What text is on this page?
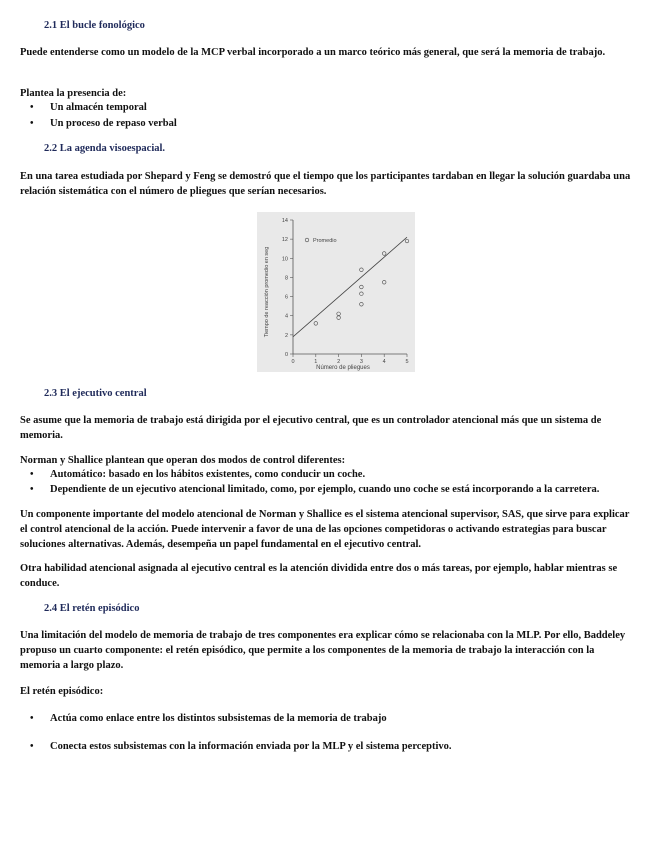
2.1 El bucle fonológico
Puede entenderse como un modelo de la MCP verbal incorporado a un marco teórico más general, que será la memoria de trabajo.
Plantea la presencia de:
• Un almacén temporal
• Un proceso de repaso verbal
2.2 La agenda visoespacial.
En una tarea estudiada por Shepard y Feng se demostró que el tiempo que los participantes tardaban en llegar la solución guardaba una relación sistemática con el número de pliegues que serían necesarios.
0	1	2	3	4	5
0
2
4
6
8
10
12
14
Número de pliegues
Tiempo de reacción promedio en seg
Promedio
2.3 El ejecutivo central
Se asume que la memoria de trabajo está dirigida por el ejecutivo central, que es un controlador atencional más que un sistema de memoria.
Norman y Shallice plantean que operan dos modos de control diferentes:
• Automático: basado en los hábitos existentes, como conducir un coche.
• Dependiente de un ejecutivo atencional limitado, como, por ejemplo, cuando uno coche se está incorporando a la carretera.
Un componente importante del modelo atencional de Norman y Shallice es el sistema atencional supervisor, SAS, que sirve para explicar el control atencional de la acción. Puede intervenir a favor de una de las opciones competidoras o activando estrategias para buscar soluciones alternativas. Además, desempeña un papel fundamental en el ejecutivo central.
Otra habilidad atencional asignada al ejecutivo central es la atención dividida entre dos o más tareas, por ejemplo, hablar mientras se conduce.
2.4 El retén episódico
Una limitación del modelo de memoria de trabajo de tres componentes era explicar cómo se relacionaba con la MLP. Por ello, Baddeley propuso un cuarto componente: el retén episódico, que permite a los componentes de la memoria de trabajo la interacción con la memoria a largo plazo.
El retén episódico:
• Actúa como enlace entre los distintos subsistemas de la memoria de trabajo
• Conecta estos subsistemas con la información enviada por la MLP y el sistema perceptivo.
